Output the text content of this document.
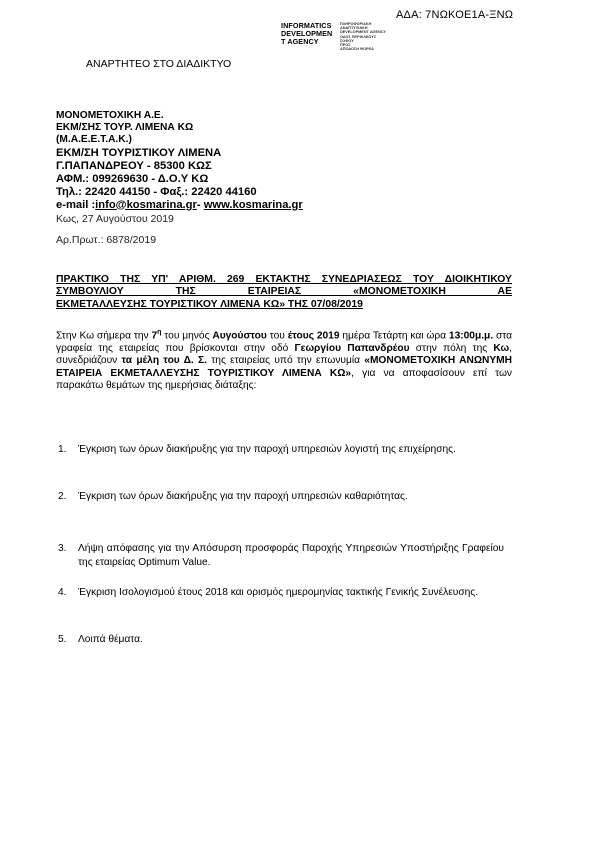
ΑΔΑ: 7ΝΩΚΟΕ1Α-ΞΝΩ
INFORMATICS
DEVELOPMEN
T AGENCY
ΠΛΗΡΟΦΟΡΙΑΚΗ
ΑΝΑΠΤΥΞΙΑΚΗ
DEVELOPMENT AGENCY
ΟΔΟΣ ΠΕΡΙΚΛΕΟΥΣ
ΣΟΦΟΥ
ΠΡΟΣ
ΑΠΟΔΟΣΗ ΦΟΡΕΑ
ΑΝΑΡΤΗΤΕΟ ΣΤΟ ΔΙΑΔΙΚΤΥΟ
ΜΟΝΟΜΕΤΟΧΙΚΗ Α.Ε.
ΕΚΜ/ΣΗΣ ΤΟΥΡ. ΛΙΜΕΝΑ ΚΩ
(Μ.Α.Ε.Ε.Τ.Α.Κ.)
ΕΚΜ/ΣΗ ΤΟΥΡΙΣΤΙΚΟΥ ΛΙΜΕΝΑ
Γ.ΠΑΠΑΝΔΡΕΟΥ - 85300 ΚΩΣ
ΑΦΜ.: 099269630 - Δ.Ο.Υ ΚΩ
Τηλ.: 22420 44150 - Φαξ.: 22420 44160
e-mail :info@kosmarina.gr- www.kosmarina.gr
Κως, 27 Αυγούστου 2019
Αρ.Πρωτ.: 6878/2019
ΠΡΑΚΤΙΚΟ ΤΗΣ ΥΠ' ΑΡΙΘΜ. 269 ΕΚΤΑΚΤΗΣ ΣΥΝΕΔΡΙΑΣΕΩΣ ΤΟΥ ΔΙΟΙΚΗΤΙΚΟΥ ΣΥΜΒΟΥΛΙΟΥ ΤΗΣ ΕΤΑΙΡΕΙΑΣ «ΜΟΝΟΜΕΤΟΧΙΚΗ ΑΕ
ΕΚΜΕΤΑΛΛΕΥΣΗΣ ΤΟΥΡΙΣΤΙΚΟΥ ΛΙΜΕΝΑ ΚΩ» ΤΗΣ 07/08/2019
Στην Κω σήμερα την $7^\eta$ του μηνός Αυγούστου του έτους 2019 ημέρα Τετάρτη και ώρα 13:00μ.μ. στα γραφεία της εταιρείας που βρίσκονται στην οδό Γεωργίου Παπανδρέου στην πόλη της Κω, συνεδριάζουν τα μέλη του Δ. Σ. της εταιρείας υπό την επωνυμία «ΜΟΝΟΜΕΤΟΧΙΚΗ ΑΝΩΝΥΜΗ ΕΤΑΙΡΕΙΑ ΕΚΜΕΤΑΛΛΕΥΣΗΣ ΤΟΥΡΙΣΤΙΚΟΥ ΛΙΜΕΝΑ ΚΩ», για να αποφασίσουν επί των παρακάτω θεμάτων της ημερήσιας διάταξης:
1. Έγκριση των όρων διακήρυξης για την παροχή υπηρεσιών λογιστή της επιχείρησης.
2. Έγκριση των όρων διακήρυξης για την παροχή υπηρεσιών καθαριότητας.
3. Λήψη απόφασης για την Απόσυρση προσφοράς Παροχής Υπηρεσιών Υποστήριξης Γραφείου της εταιρείας Optimum Value.
4. Έγκριση Ισολογισμού έτους 2018 και ορισμός ημερομηνίας τακτικής Γενικής Συνέλευσης.
5. Λοιπά θέματα.
